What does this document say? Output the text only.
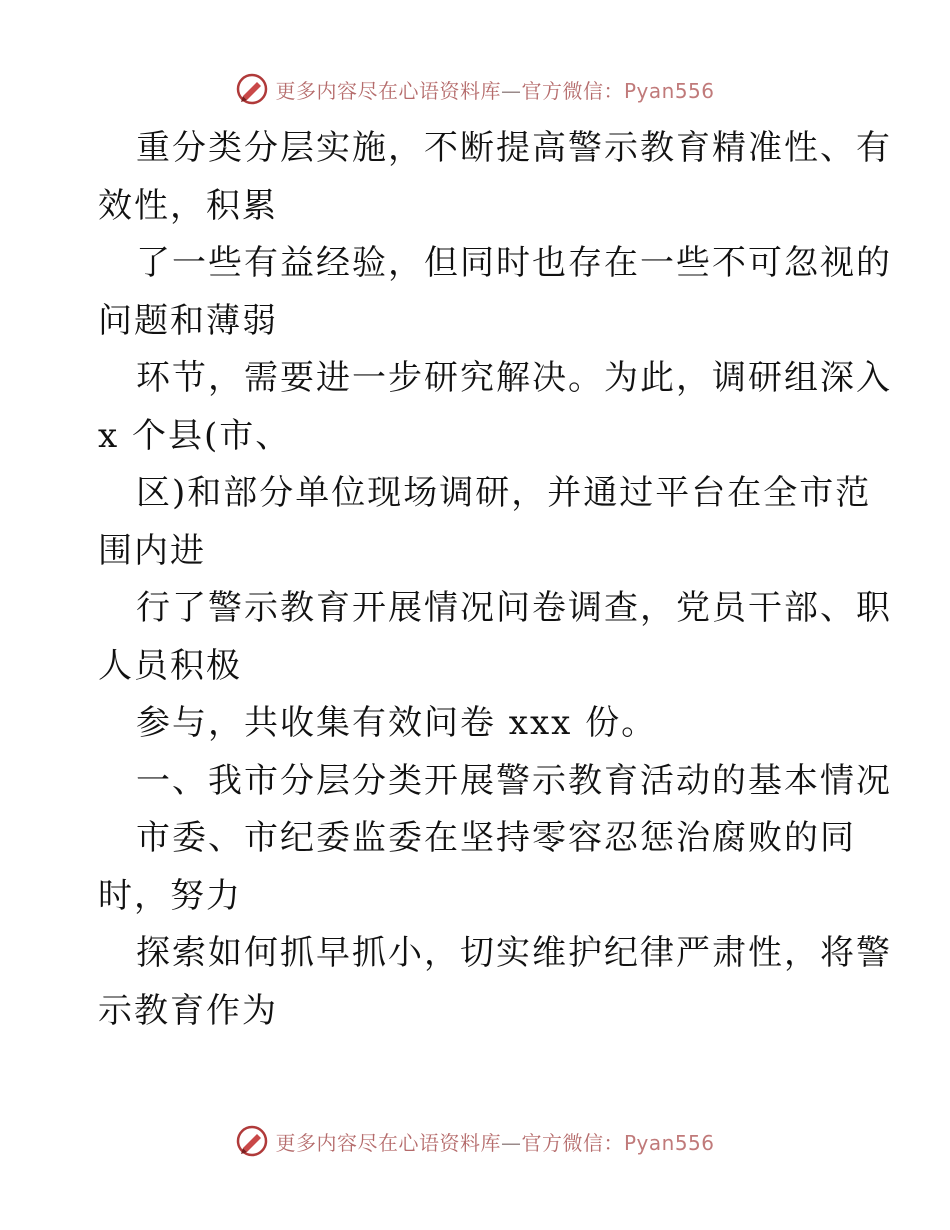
更多内容尽在心语资料库—官方微信：Pyan556
重分类分层实施，不断提高警示教育精准性、有
效性，积累
了一些有益经验，但同时也存在一些不可忽视的
问题和薄弱
环节，需要进一步研究解决。为此，调研组深入
x 个县(市、
区)和部分单位现场调研，并通过平台在全市范
围内进
行了警示教育开展情况问卷调查，党员干部、职
人员积极
参与，共收集有效问卷 xxx 份。
一、我市分层分类开展警示教育活动的基本情况
市委、市纪委监委在坚持零容忍惩治腐败的同
时，努力
探索如何抓早抓小，切实维护纪律严肃性，将警
示教育作为
更多内容尽在心语资料库—官方微信：Pyan556
